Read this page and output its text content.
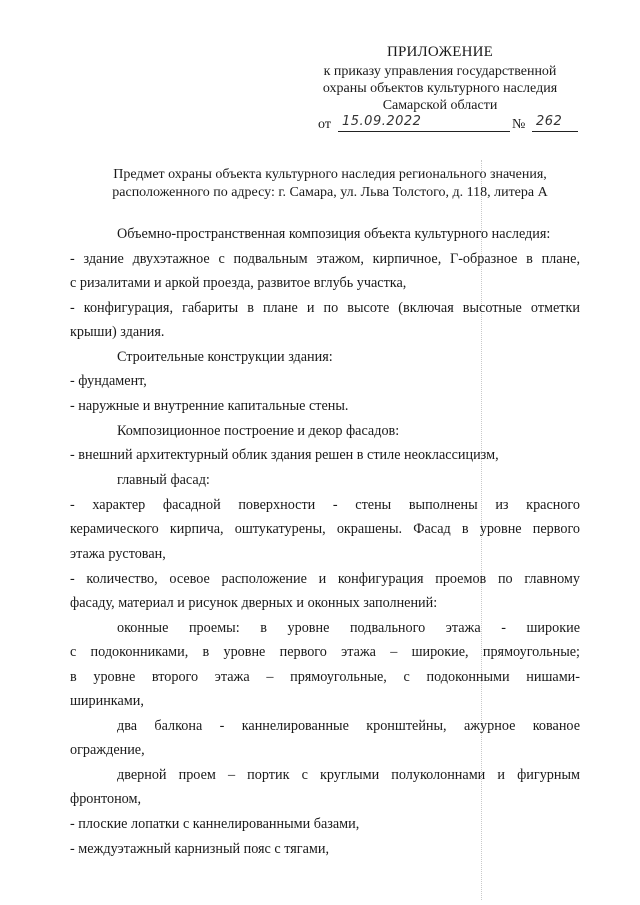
ПРИЛОЖЕНИЕ
к приказу управления государственной
охраны объектов культурного наследия
Самарской области
от 15.09.2022	№ 262
Предмет охраны объекта культурного наследия регионального значения,
расположенного по адресу: г. Самара, ул. Льва Толстого, д. 118, литера А
Объемно-пространственная композиция объекта культурного наследия:
- здание двухэтажное с подвальным этажом, кирпичное, Г-образное в плане,
с ризалитами и аркой проезда, развитое вглубь участка,
- конфигурация, габариты в плане и по высоте (включая высотные отметки
крыши) здания.
Строительные конструкции здания:
- фундамент,
- наружные и внутренние капитальные стены.
Композиционное построение и декор фасадов:
- внешний архитектурный облик здания решен в стиле неоклассицизм,
главный фасад:
- характер фасадной поверхности - стены выполнены из красного
керамического кирпича, оштукатурены, окрашены. Фасад в уровне первого
этажа рустован,
- количество, осевое расположение и конфигурация проемов по главному
фасаду, материал и рисунок дверных и оконных заполнений:
оконные проемы: в уровне подвального этажа - широкие
с подоконниками, в уровне первого этажа – широкие, прямоугольные;
в уровне второго этажа – прямоугольные, с подоконными нишами-
ширинками,
два балкона - каннелированные кронштейны, ажурное кованое
ограждение,
дверной проем – портик с круглыми полуколоннами и фигурным
фронтоном,
- плоские лопатки с каннелированными базами,
- междуэтажный карнизный пояс с тягами,
